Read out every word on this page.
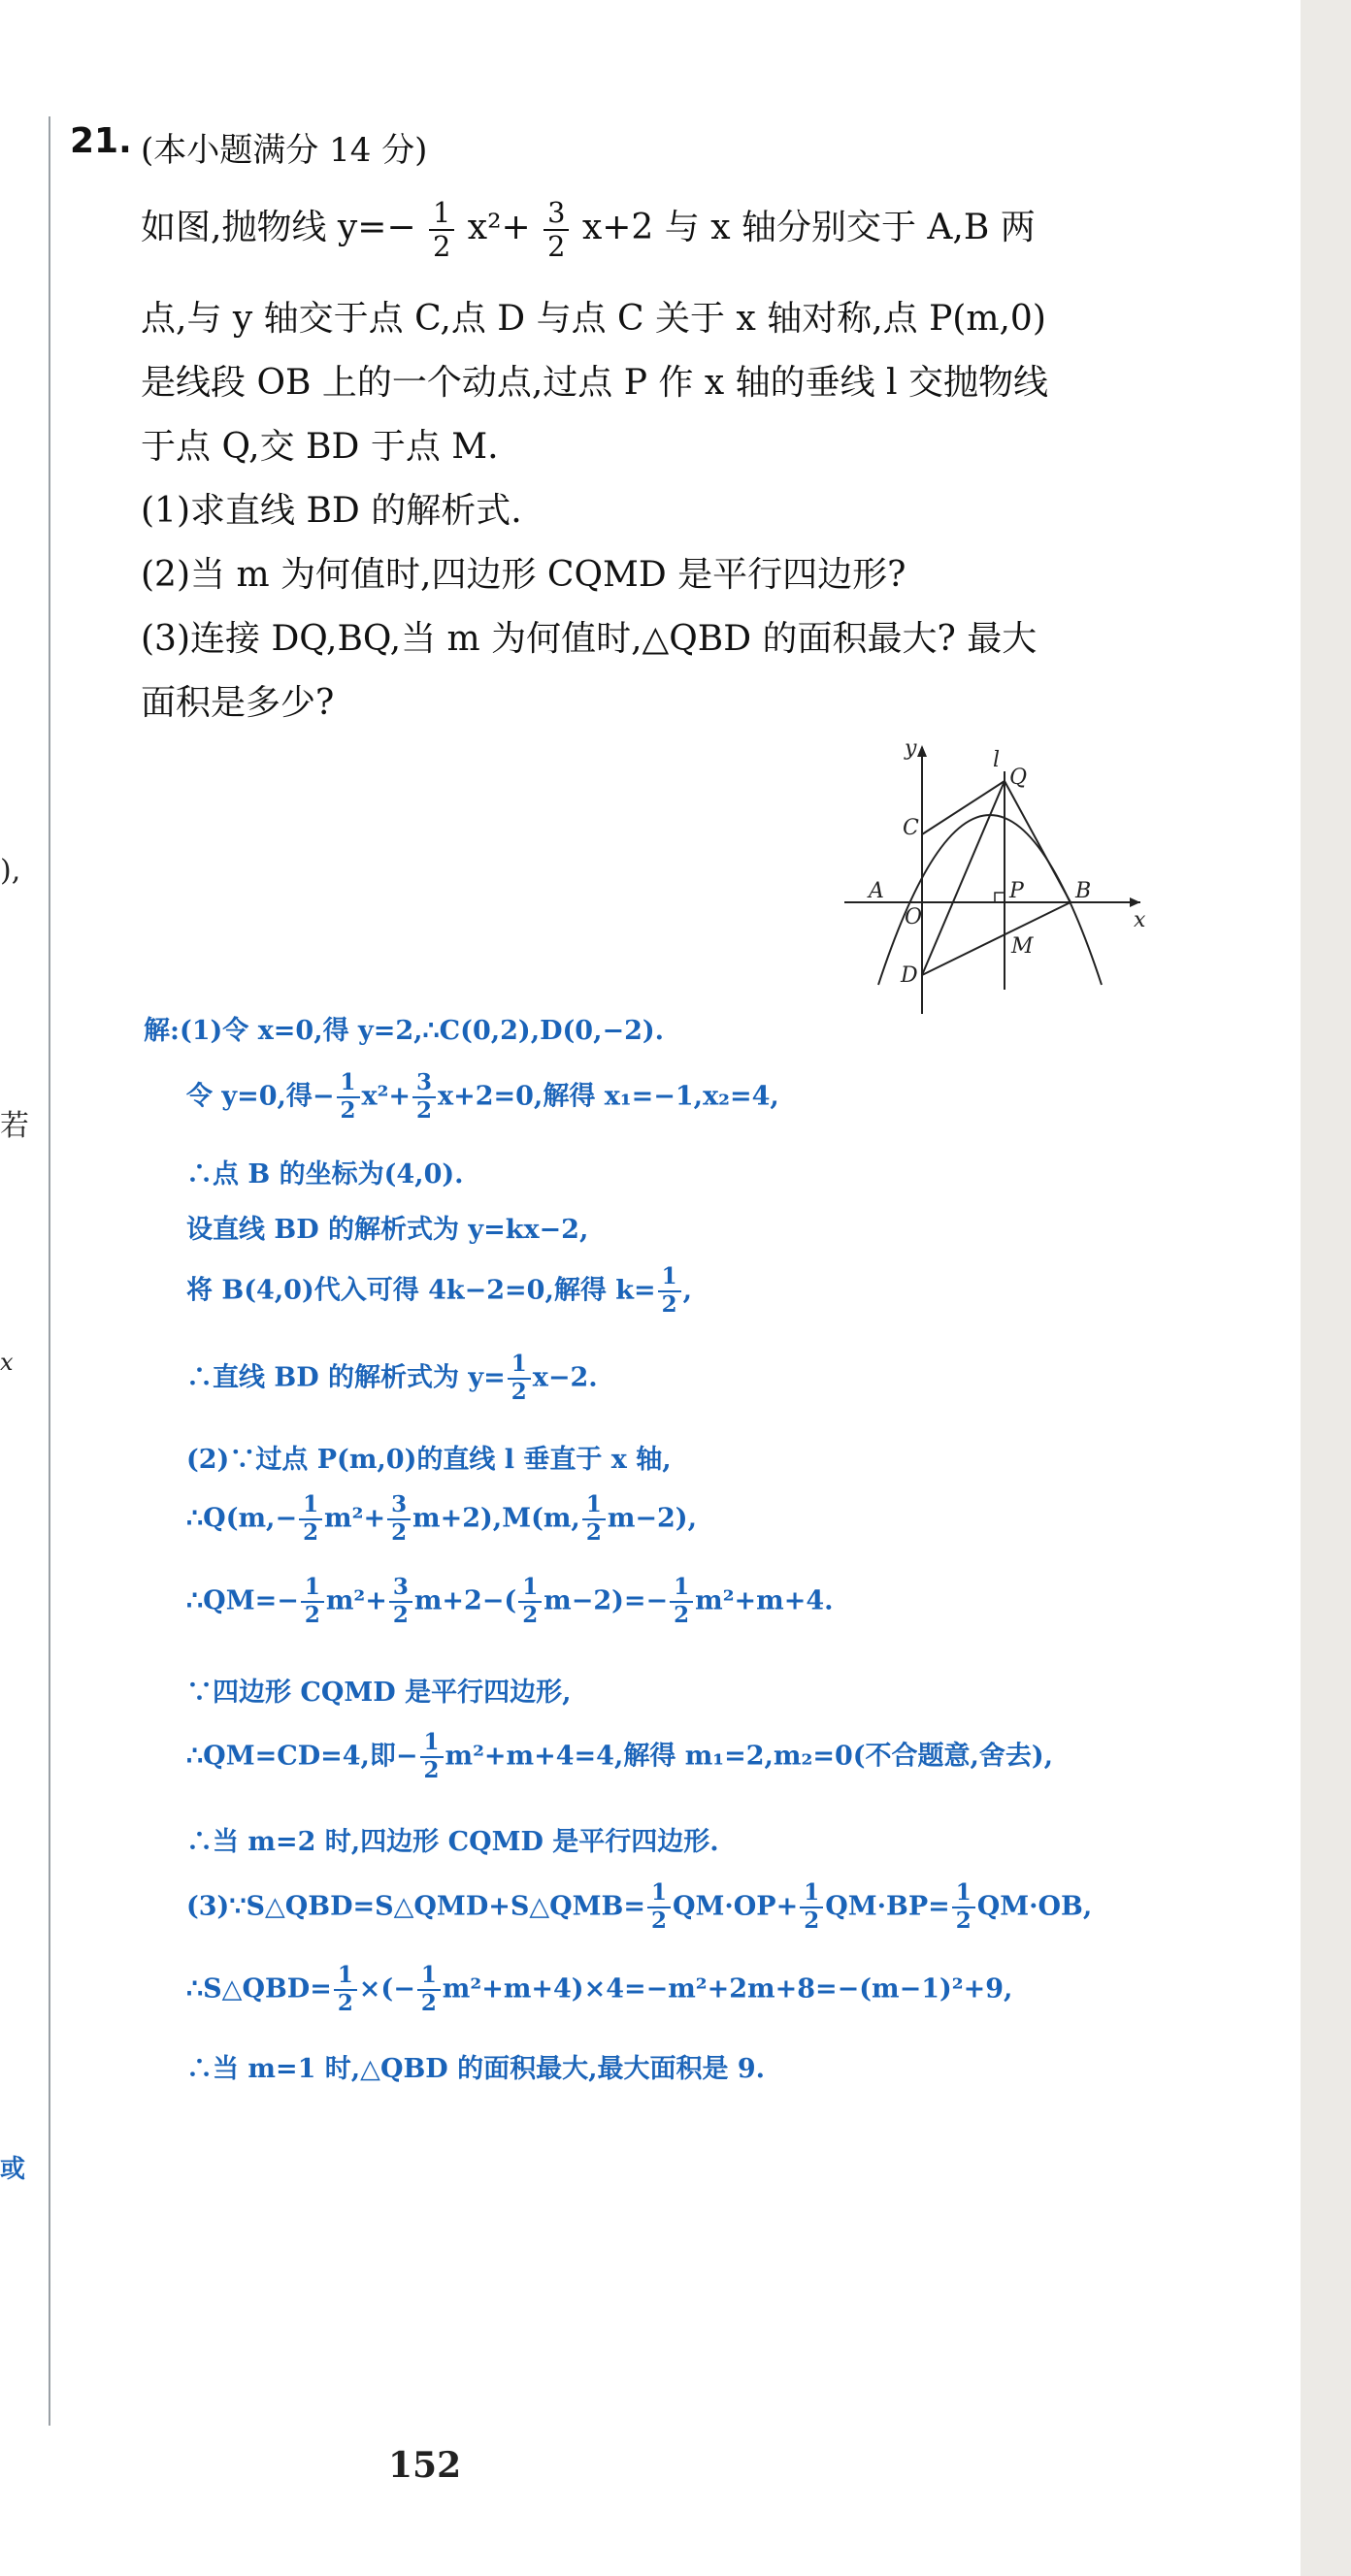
),
若
x
或
21. (本小题满分 14 分)
如图,抛物线 $y=- \frac{1}{2} x^2+ \frac{3}{2} x+2$ 与 x 轴分别交于 A,B 两
点,与 y 轴交于点 C,点 D 与点 C 关于 x 轴对称,点 P(m,0)
是线段 OB 上的一个动点,过点 P 作 x 轴的垂线 l 交抛物线
于点 Q,交 BD 于点 M.
(1)求直线 BD 的解析式.
(2)当 m 为何值时,四边形 CQMD 是平行四边形?
(3)连接 DQ,BQ,当 m 为何值时,△QBD 的面积最大? 最大
面积是多少?
y
x
l
Q
C
A
O
P B
M
D
解:(1)令 x=0,得 y=2,∴C(0,2),D(0,−2).
令 y=0,得− $\frac{1}{2} x^2+ \frac{3}{2} x+2=0$,解得 x₁=−1,x₂=4,
∴点 B 的坐标为(4,0).
设直线 BD 的解析式为 y=kx−2,
将 B(4,0)代入可得 4k−2=0,解得 $k= \frac{1}{2}$ ,
∴直线 BD 的解析式为 $y= \frac{1}{2} x-2$.
(2)∵过点 P(m,0)的直线 l 垂直于 x 轴,
∴Q(m,− $\frac{1}{2} m^2+ \frac{3}{2} m+2),M(m$, $\frac{1}{2} m-2$),
∴QM=− $\frac{1}{2} m^2+ \frac{3}{2} m+2-( \frac{1}{2} m-2)=- \frac{1}{2} m^2+m+4$.
∵四边形 CQMD 是平行四边形,
∴QM=CD=4,即− $\frac{1}{2} m^2+m+4=4$,解得 m₁=2,m₂=0(不合题意,舍去),
∴当 m=2 时,四边形 CQMD 是平行四边形.
(3)∵S△QBD=S△QMD+S△QMB= $\frac{1}{2} QM\cdot OP+ \frac{1}{2} QM\cdot BP= \frac{1}{2} QM\cdot OB$,
∴S△QBD= $\frac{1}{2}$ ×(− $\frac{1}{2} m^2+m+4)\times 4=-m^2+2m+8=-(m-1)^2+9$,
∴当 m=1 时,△QBD 的面积最大,最大面积是 9.
152
